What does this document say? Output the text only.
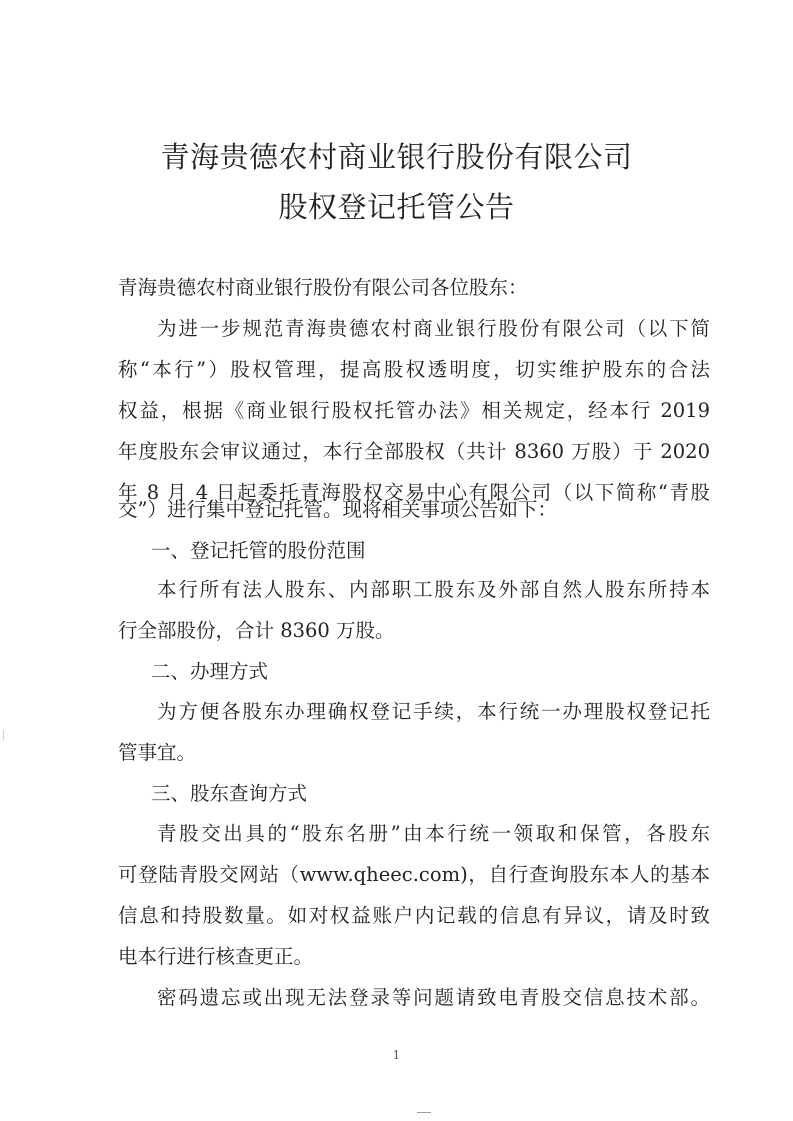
青海贵德农村商业银行股份有限公司
股权登记托管公告
青海贵德农村商业银行股份有限公司各位股东：
为进一步规范青海贵德农村商业银行股份有限公司（以下简
称“本行”）股权管理，提高股权透明度，切实维护股东的合法
权益，根据《商业银行股权托管办法》相关规定，经本行 2019
年度股东会审议通过，本行全部股权（共计 8360 万股）于 2020
年 8 月 4 日起委托青海股权交易中心有限公司（以下简称“青股
交”）进行集中登记托管。现将相关事项公告如下：
一、登记托管的股份范围
本行所有法人股东、内部职工股东及外部自然人股东所持本
行全部股份，合计 8360 万股。
二、办理方式
为方便各股东办理确权登记手续，本行统一办理股权登记托
管事宜。
三、股东查询方式
青股交出具的“股东名册”由本行统一领取和保管，各股东
可登陆青股交网站（www.qheec.com)，自行查询股东本人的基本
信息和持股数量。如对权益账户内记载的信息有异议，请及时致
电本行进行核查更正。
密码遗忘或出现无法登录等问题请致电青股交信息技术部。
1
